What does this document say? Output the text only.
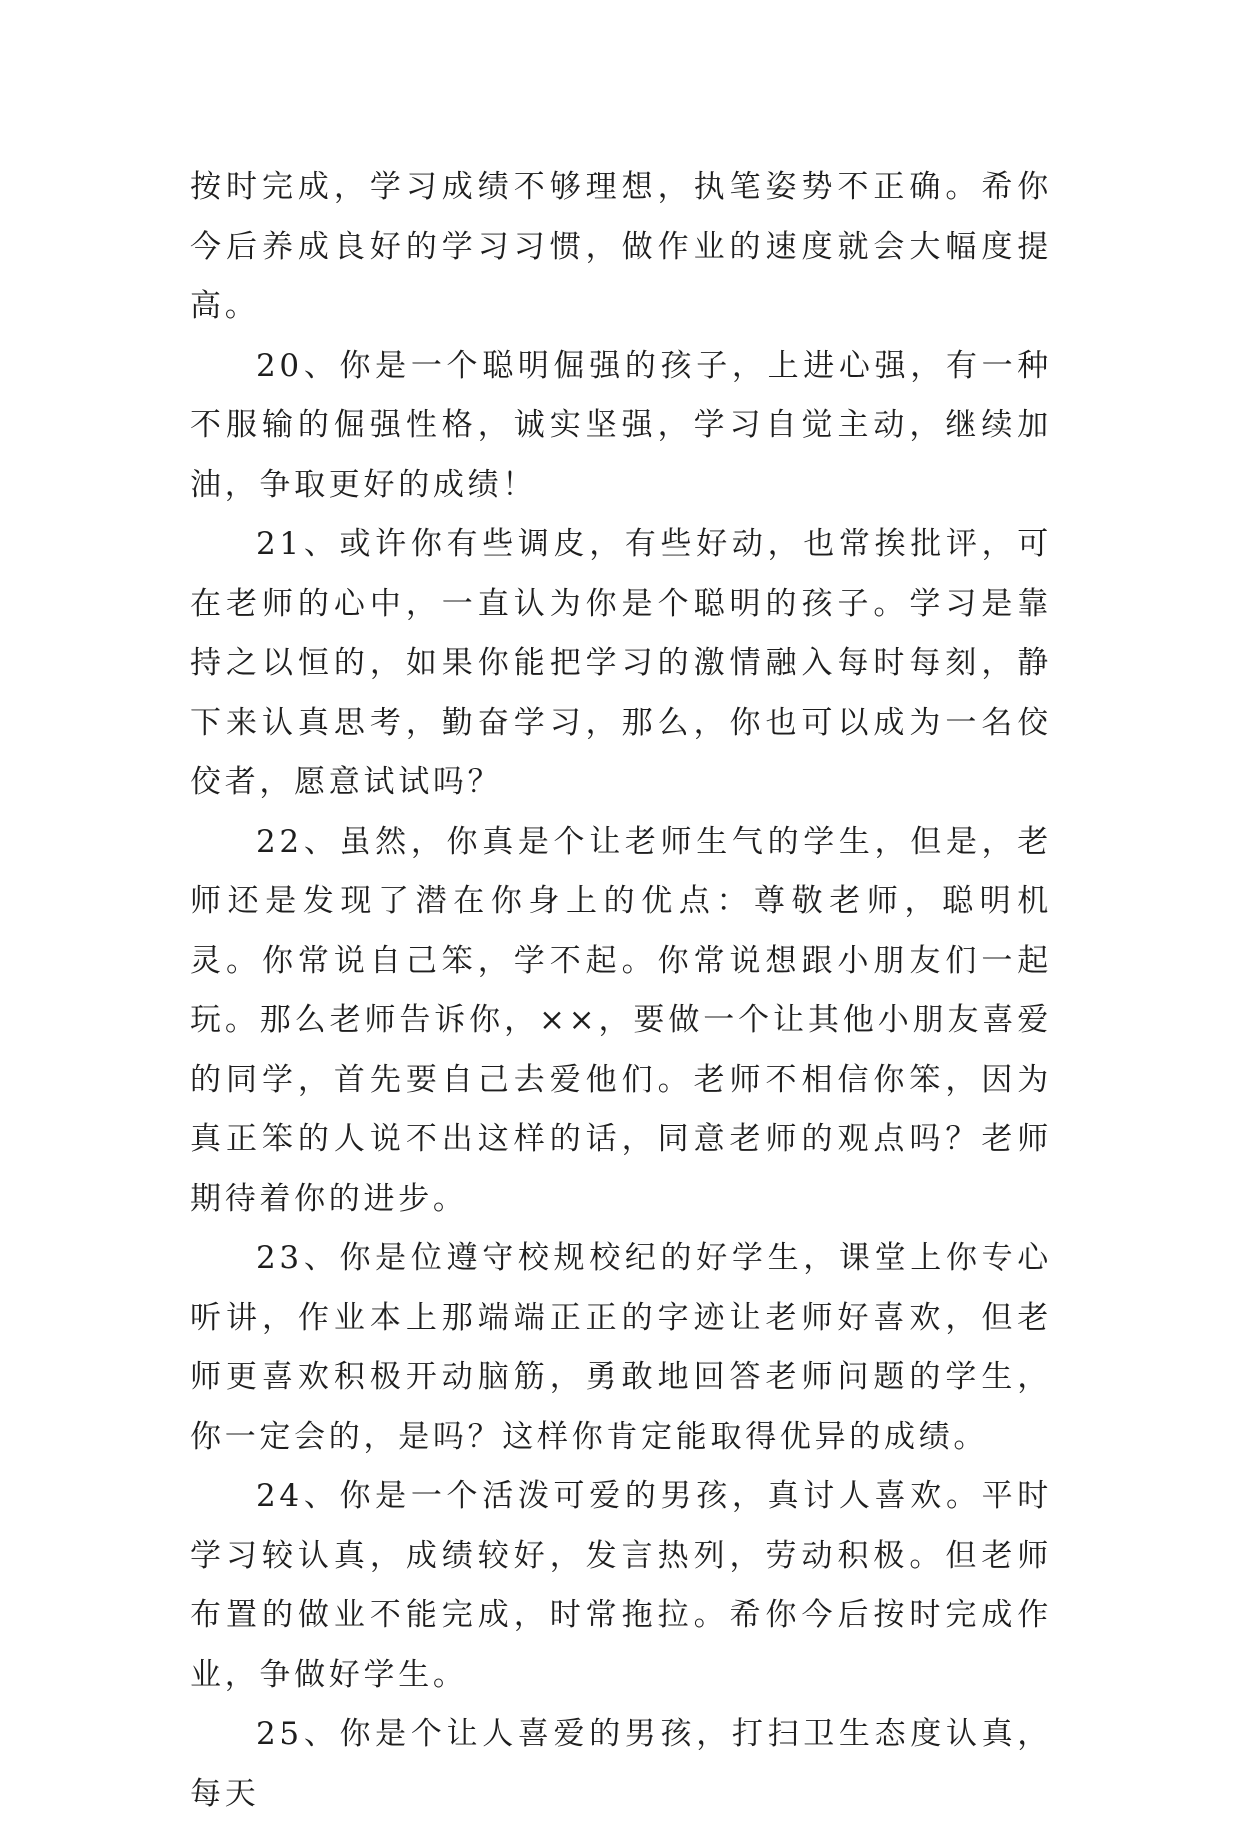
按时完成，学习成绩不够理想，执笔姿势不正确。希你今后养成良好的学习习惯，做作业的速度就会大幅度提高。

20、你是一个聪明倔强的孩子，上进心强，有一种不服输的倔强性格，诚实坚强，学习自觉主动，继续加油，争取更好的成绩！

21、或许你有些调皮，有些好动，也常挨批评，可在老师的心中，一直认为你是个聪明的孩子。学习是靠持之以恒的，如果你能把学习的激情融入每时每刻，静下来认真思考，勤奋学习，那么，你也可以成为一名佼佼者，愿意试试吗？

22、虽然，你真是个让老师生气的学生，但是，老师还是发现了潜在你身上的优点：尊敬老师，聪明机灵。你常说自己笨，学不起。你常说想跟小朋友们一起玩。那么老师告诉你，××，要做一个让其他小朋友喜爱的同学，首先要自己去爱他们。老师不相信你笨，因为真正笨的人说不出这样的话，同意老师的观点吗？老师期待着你的进步。

23、你是位遵守校规校纪的好学生，课堂上你专心听讲，作业本上那端端正正的字迹让老师好喜欢，但老师更喜欢积极开动脑筋，勇敢地回答老师问题的学生，你一定会的，是吗？这样你肯定能取得优异的成绩。

24、你是一个活泼可爱的男孩，真讨人喜欢。平时学习较认真，成绩较好，发言热列，劳动积极。但老师布置的做业不能完成，时常拖拉。希你今后按时完成作业，争做好学生。

25、你是个让人喜爱的男孩，打扫卫生态度认真，每天
